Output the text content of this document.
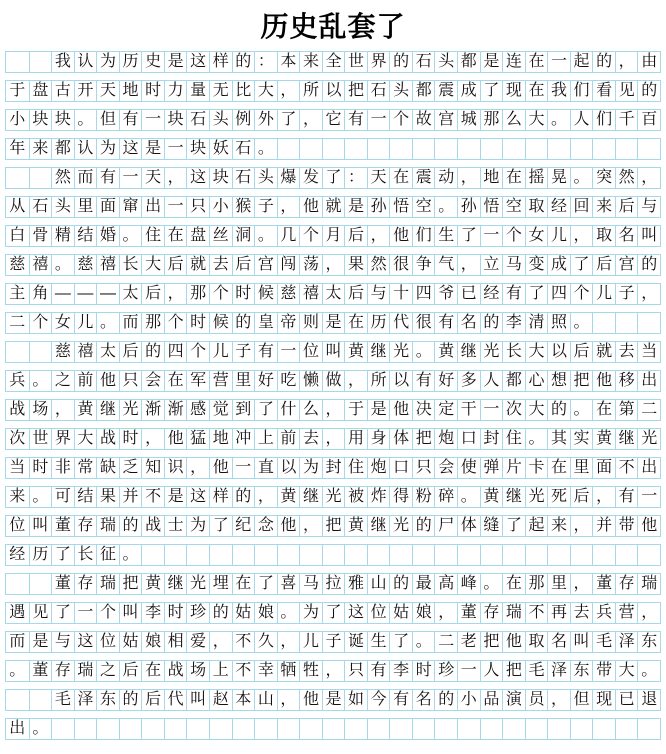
历史乱套了
我 认 为 历 史 是 这 样 的 ： 本 来 全 世 界 的 石 头 都 是 连 在 一 起 的 ， 由
于 盘 古 开 天 地 时 力 量 无 比 大 ， 所 以 把 石 头 都 震 成 了 现 在 我 们 看 见 的
小 块 块 。 但 有 一 块 石 头 例 外 了 ， 它 有 一 个 故 宫 城 那 么 大 。 人 们 千 百
年 来 都 认 为 这 是 一 块 妖 石 。
然 而 有 一 天 ， 这 块 石 头 爆 发 了 ： 天 在 震 动 ， 地 在 摇 晃 。 突 然 ，
从 石 头 里 面 窜 出 一 只 小 猴 子 ， 他 就 是 孙 悟 空 。 孙 悟 空 取 经 回 来 后 与
白 骨 精 结 婚 。 住 在 盘 丝 洞 。 几 个 月 后 ， 他 们 生 了 一 个 女 儿 ， 取 名 叫
慈 禧 。 慈 禧 长 大 后 就 去 后 宫 闯 荡 ， 果 然 很 争 气 ， 立 马 变 成 了 后 宫 的
主 角 — — — 太 后 ， 那 个 时 候 慈 禧 太 后 与 十 四 爷 已 经 有 了 四 个 儿 子 ，
二 个 女 儿 。 而 那 个 时 候 的 皇 帝 则 是 在 历 代 很 有 名 的 李 清 照 。
慈 禧 太 后 的 四 个 儿 子 有 一 位 叫 黄 继 光 。 黄 继 光 长 大 以 后 就 去 当
兵 。 之 前 他 只 会 在 军 营 里 好 吃 懒 做 ， 所 以 有 好 多 人 都 心 想 把 他 移 出
战 场 ， 黄 继 光 渐 渐 感 觉 到 了 什 么 ， 于 是 他 决 定 干 一 次 大 的 。 在 第 二
次 世 界 大 战 时 ， 他 猛 地 冲 上 前 去 ， 用 身 体 把 炮 口 封 住 。 其 实 黄 继 光
当 时 非 常 缺 乏 知 识 ， 他 一 直 以 为 封 住 炮 口 只 会 使 弹 片 卡 在 里 面 不 出
来 。 可 结 果 并 不 是 这 样 的 ， 黄 继 光 被 炸 得 粉 碎 。 黄 继 光 死 后 ， 有 一
位 叫 董 存 瑞 的 战 士 为 了 纪 念 他 ， 把 黄 继 光 的 尸 体 缝 了 起 来 ， 并 带 他
经 历 了 长 征 。
董 存 瑞 把 黄 继 光 埋 在 了 喜 马 拉 雅 山 的 最 高 峰 。 在 那 里 ， 董 存 瑞
遇 见 了 一 个 叫 李 时 珍 的 姑 娘 。 为 了 这 位 姑 娘 ， 董 存 瑞 不 再 去 兵 营 ，
而 是 与 这 位 姑 娘 相 爱 ， 不 久 ， 儿 子 诞 生 了 。 二 老 把 他 取 名 叫 毛 泽 东
。 董 存 瑞 之 后 在 战 场 上 不 幸 牺 牲 ， 只 有 李 时 珍 一 人 把 毛 泽 东 带 大 。
毛 泽 东 的 后 代 叫 赵 本 山 ， 他 是 如 今 有 名 的 小 品 演 员 ， 但 现 已 退
出 。
